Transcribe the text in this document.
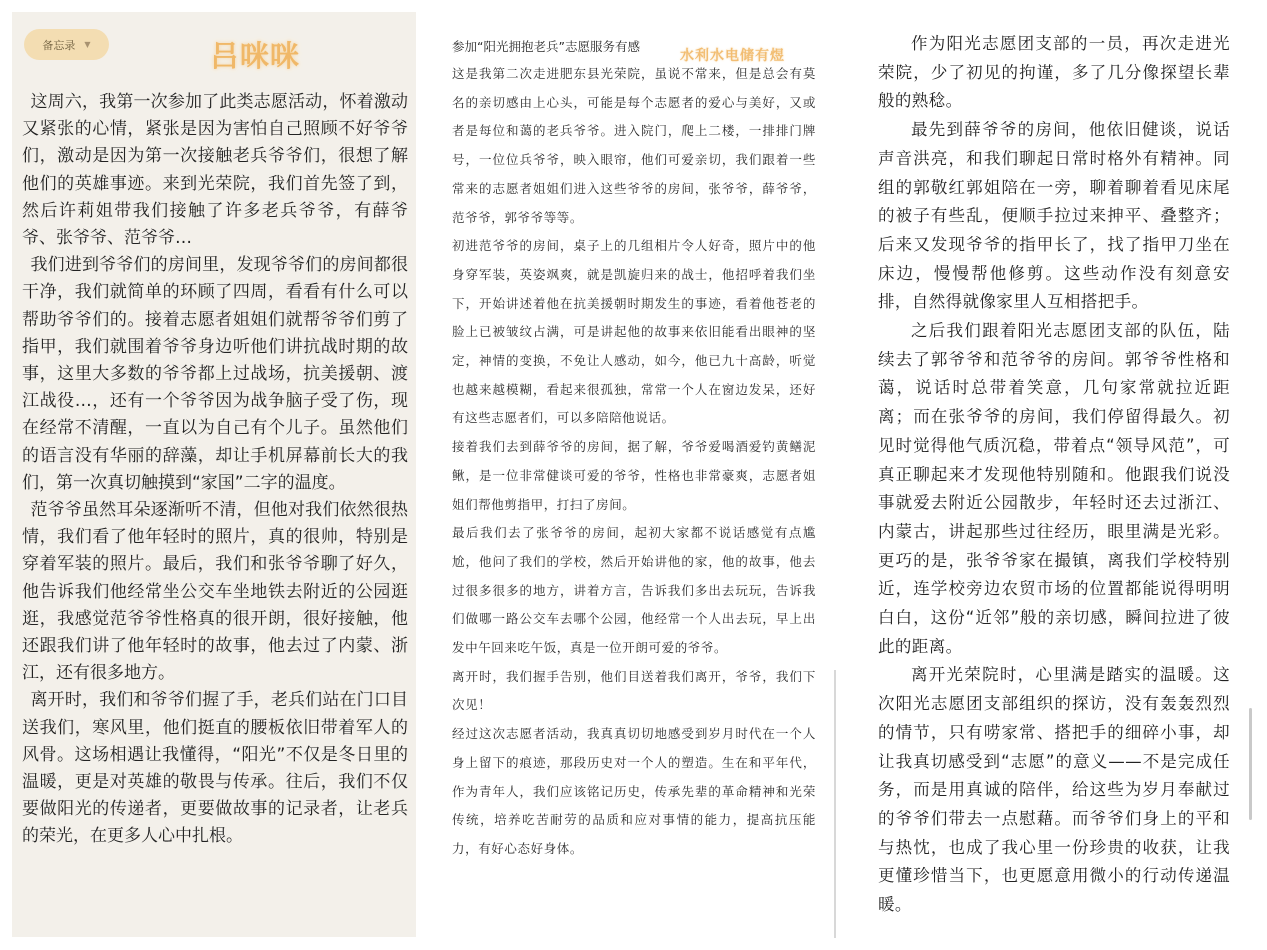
备忘录 ▼	吕咪咪

这周六，我第一次参加了此类志愿活动，怀着激动又紧张的心情，紧张是因为害怕自己照顾不好爷爷们，激动是因为第一次接触老兵爷爷们，很想了解他们的英雄事迹。来到光荣院，我们首先签了到，然后许莉姐带我们接触了许多老兵爷爷，有薛爷爷、张爷爷、范爷爷…

我们进到爷爷们的房间里，发现爷爷们的房间都很干净，我们就简单的环顾了四周，看看有什么可以帮助爷爷们的。接着志愿者姐姐们就帮爷爷们剪了指甲，我们就围着爷爷身边听他们讲抗战时期的故事，这里大多数的爷爷都上过战场，抗美援朝、渡江战役…，还有一个爷爷因为战争脑子受了伤，现在经常不清醒，一直以为自己有个儿子。虽然他们的语言没有华丽的辞藻，却让手机屏幕前长大的我们，第一次真切触摸到“家国”二字的温度。

范爷爷虽然耳朵逐渐听不清，但他对我们依然很热情，我们看了他年轻时的照片，真的很帅，特别是穿着军装的照片。最后，我们和张爷爷聊了好久，他告诉我们他经常坐公交车坐地铁去附近的公园逛逛，我感觉范爷爷性格真的很开朗，很好接触，他还跟我们讲了他年轻时的故事，他去过了内蒙、浙江，还有很多地方。

离开时，我们和爷爷们握了手，老兵们站在门口目送我们，寒风里，他们挺直的腰板依旧带着军人的风骨。这场相遇让我懂得，“阳光”不仅是冬日里的温暖，更是对英雄的敬畏与传承。往后，我们不仅要做阳光的传递者，更要做故事的记录者，让老兵的荣光，在更多人心中扎根。

参加“阳光拥抱老兵”志愿服务有感

水利水电储有煜

这是我第二次走进肥东县光荣院，虽说不常来，但是总会有莫名的亲切感由上心头，可能是每个志愿者的爱心与美好，又或者是每位和蔼的老兵爷爷。进入院门，爬上二楼，一排排门牌号，一位位兵爷爷，映入眼帘，他们可爱亲切，我们跟着一些常来的志愿者姐姐们进入这些爷爷的房间，张爷爷，薛爷爷，范爷爷，郭爷爷等等。

初进范爷爷的房间，桌子上的几组相片令人好奇，照片中的他身穿军装，英姿飒爽，就是凯旋归来的战士，他招呼着我们坐下，开始讲述着他在抗美援朝时期发生的事迹，看着他苍老的脸上已被皱纹占满，可是讲起他的故事来依旧能看出眼神的坚定，神情的变换，不免让人感动，如今，他已九十高龄，听觉也越来越模糊，看起来很孤独，常常一个人在窗边发呆，还好有这些志愿者们，可以多陪陪他说话。

接着我们去到薛爷爷的房间，据了解，爷爷爱喝酒爱钓黄鳝泥鳅，是一位非常健谈可爱的爷爷，性格也非常豪爽，志愿者姐姐们帮他剪指甲，打扫了房间。

最后我们去了张爷爷的房间，起初大家都不说话感觉有点尴尬，他问了我们的学校，然后开始讲他的家，他的故事，他去过很多很多的地方，讲着方言，告诉我们多出去玩玩，告诉我们做哪一路公交车去哪个公园，他经常一个人出去玩，早上出发中午回来吃午饭，真是一位开朗可爱的爷爷。

离开时，我们握手告别，他们目送着我们离开，爷爷，我们下次见！

经过这次志愿者活动，我真真切切地感受到岁月时代在一个人身上留下的痕迹，那段历史对一个人的塑造。生在和平年代，作为青年人，我们应该铭记历史，传承先辈的革命精神和光荣传统，培养吃苦耐劳的品质和应对事情的能力，提高抗压能力，有好心态好身体。

作为阳光志愿团支部的一员，再次走进光荣院，少了初见的拘谨，多了几分像探望长辈般的熟稔。

最先到薛爷爷的房间，他依旧健谈，说话声音洪亮，和我们聊起日常时格外有精神。同组的郭敬红郭姐陪在一旁，聊着聊着看见床尾的被子有些乱，便顺手拉过来抻平、叠整齐；后来又发现爷爷的指甲长了，找了指甲刀坐在床边，慢慢帮他修剪。这些动作没有刻意安排，自然得就像家里人互相搭把手。

之后我们跟着阳光志愿团支部的队伍，陆续去了郭爷爷和范爷爷的房间。郭爷爷性格和蔼，说话时总带着笑意，几句家常就拉近距离；而在张爷爷的房间，我们停留得最久。初见时觉得他气质沉稳，带着点“领导风范”，可真正聊起来才发现他特别随和。他跟我们说没事就爱去附近公园散步，年轻时还去过浙江、内蒙古，讲起那些过往经历，眼里满是光彩。更巧的是，张爷爷家在撮镇，离我们学校特别近，连学校旁边农贸市场的位置都能说得明明白白，这份“近邻”般的亲切感，瞬间拉进了彼此的距离。

离开光荣院时，心里满是踏实的温暖。这次阳光志愿团支部组织的探访，没有轰轰烈烈的情节，只有唠家常、搭把手的细碎小事，却让我真切感受到“志愿”的意义——不是完成任务，而是用真诚的陪伴，给这些为岁月奉献过的爷爷们带去一点慰藉。而爷爷们身上的平和与热忱，也成了我心里一份珍贵的收获，让我更懂珍惜当下，也更愿意用微小的行动传递温暖。
